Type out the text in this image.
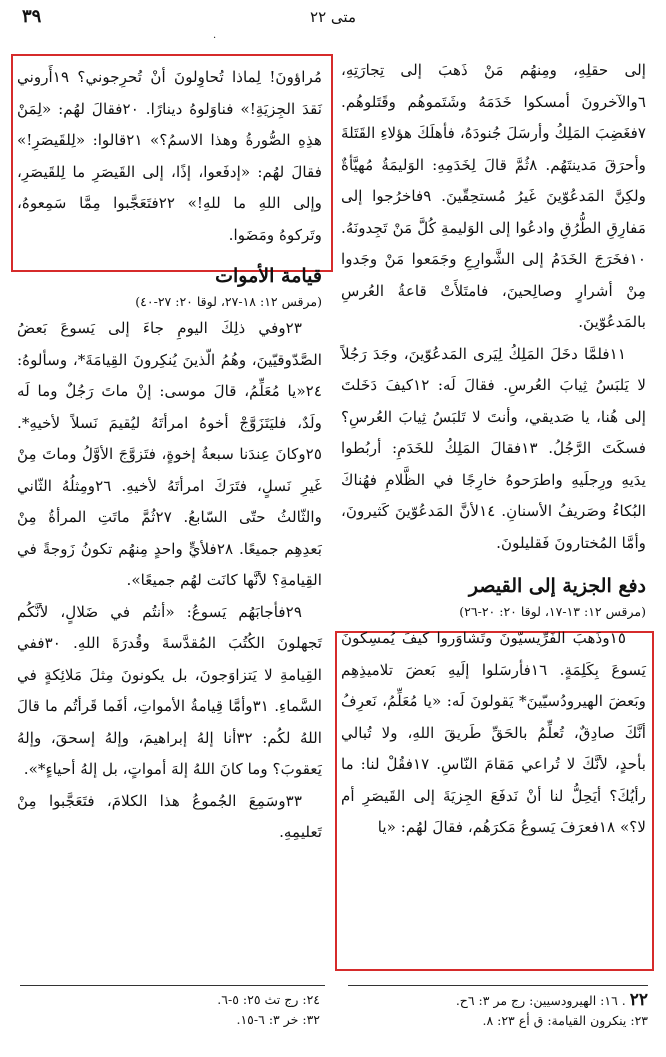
٣٩	متى ٢٢
.

إلى حقلِهِ، ومِنهُم مَنْ ذَهبَ إلى تِجارَتِهِ، ٦والآخرونَ أمسكوا خَدَمَهُ وشَتَموهُم وقَتَلوهُم. ٧فغَضِبَ المَلِكُ وأرسَلَ جُنودَهُ، فأهلَكَ هؤلاءِ القَتَلةَ وأحرَقَ مَدينتَهُم. ٨ثُمَّ قالَ لِخَدَمِهِ: الوَليمَةُ مُهيَّأةٌ ولكِنَّ المَدعُوّينَ غَيرُ مُستحِقّينَ. ٩فاخرُجوا إلى مَفارِقِ الطُّرُقِ وادعُوا إلى الوَليمةِ كُلَّ مَنْ تَجِدونَهُ. ١٠فخَرَجَ الخَدَمُ إلى الشَّوارِعِ وجَمَعوا مَنْ وجَدوا مِنْ أشرارٍ وصالِحينَ، فامتَلأَتْ قاعةُ العُرسِ بالمَدعُوّينَ.

١١فلمَّا دخَلَ المَلِكُ لِيَرى المَدعُوّينَ، وجَدَ رَجُلاً لا يَلبَسُ ثِيابَ العُرسِ. فقالَ لَه: ١٢كيفَ دَخَلتَ إلى هُنا، يا صَديقي، وأنتَ لا تَلبَسُ ثِيابَ العُرسِ؟ فسكَتَ الرَّجُلُ. ١٣فقالَ المَلِكُ للخَدَمِ: أربُطوا يدَيهِ ورِجلَيهِ واطرَحوهُ خارِجًا في الظَّلامِ فهُناكَ البُكاءُ وصَريفُ الأسنانِ. ١٤لأنَّ المَدعُوّينَ كَثيرونَ، وأمَّا المُختارونَ فَقليلونَ.

دفع الجزية إلى القيصر
(مرقس ١٢: ١٣-١٧، لوقا ٢٠: ٢٠-٢٦)

١٥وذَهبَ الفَرِّيسيّونَ وتَشاوَروا كيفَ يُمسِكونَ يَسوعَ بِكَلِمَةٍ. ١٦فأرسَلوا إلَيهِ بَعضَ تلاميذِهِم وبَعضَ الهيرودُسيّينَ* يَقولونَ لَه: «يا مُعَلِّمُ، نَعرِفُ أنَّكَ صادِقٌ، تُعلِّمُ بالحَقِّ طَريقَ اللهِ، ولا تُبالي بأحدٍ، لأنَّكَ لا تُراعي مَقامَ النّاسِ. ١٧فقُلْ لنا: ما رأيُكَ؟ أيَحِلُّ لنا أنْ نَدفَعَ الجِزيَةَ إلى القَيصَرِ أم لا؟» ١٨فعرَفَ يَسوعُ مَكرَهُم، فقالَ لهُم: «يا

مُراؤونَ! لِماذا تُحاوِلونَ أنْ تُحرِجوني؟ ١٩أَروني نَقدَ الجِزيَةِ!» فناوَلوهُ دينارًا. ٢٠فقالَ لهُم: «لِمَنْ هذِهِ الصُّورةُ وهذا الاسمُ؟» ٢١قالوا: «لِلقَيصَرِ!» فقالَ لهُم: «إدفَعوا، إذًا، إلى القَيصَرِ ما لِلقَيصَرِ، وإلى اللهِ ما للهِ!» ٢٢فتَعَجَّبوا مِمَّا سَمِعوهُ، وتَركوهُ ومَضَوا.

قيامة الأموات
(مرقس ١٢: ١٨-٢٧، لوقا ٢٠: ٢٧-٤٠)

٢٣وفي ذلِكَ اليومِ جاءَ إلى يَسوعَ بَعضُ الصَّدّوقيّينَ، وهُمُ الّذينَ يُنكِرونَ القِيامَةَ*، وسألوهُ: ٢٤«يا مُعَلِّمُ، قالَ موسى: إنْ ماتَ رَجُلٌ وما لَه ولَدٌ، فليَتَزَوَّجْ أخوهُ امرأتَهُ ليُقيمَ نَسلاً لأخيهِ*. ٢٥وكانَ عِندَنا سبعةُ إخوةٍ، فتَزوَّجَ الأوَّلُ وماتَ مِنْ غَيرِ نَسلٍ، فتَرَكَ امرأتَهُ لأخيهِ. ٢٦ومِثلُهُ الثّاني والثّالثُ حتّى السّابعُ. ٢٧ثُمَّ ماتَتِ المرأةُ مِنْ بَعدِهِم جميعًا. ٢٨فلأيٍّ واحدٍ مِنهُم تكونُ زَوجةً في القِيامةِ؟ لأنَّها كانَت لهُم جميعًا».

٢٩فأجابَهُم يَسوعُ: «أنتُم في ضَلالٍ، لأنَّكُم تَجهلونَ الكُتُبَ المُقدَّسةَ وقُدرَةَ اللهِ. ٣٠ففي القِيامةِ لا يَتزاوَجونَ، بل يكونونَ مِثلَ مَلائِكةٍ في السَّماءِ. ٣١وأمَّا قِيامةُ الأمواتِ، أفَما قَرأتُم ما قالَ اللهُ لكُم: ٣٢أنا إلهُ إبراهيمَ، وإلهُ إسحقَ، وإلهُ يَعقوبَ؟ وما كانَ اللهُ إلهَ أمواتٍ، بل إلهُ أحياءٍ*».

٣٣وسَمِعَ الجُموعُ هذا الكلامَ، فتَعَجَّبوا مِنْ تَعليمِهِ.

٢٢ . ١٦: الهيرودسيين: رج مر ٣: ٦ح.
٢٣: ينكرون القيامة: ق أع ٢٣: ٨.
٢٤: رج تث ٢٥: ٥-٦.
٣٢: خر ٣: ٦-١٥.
